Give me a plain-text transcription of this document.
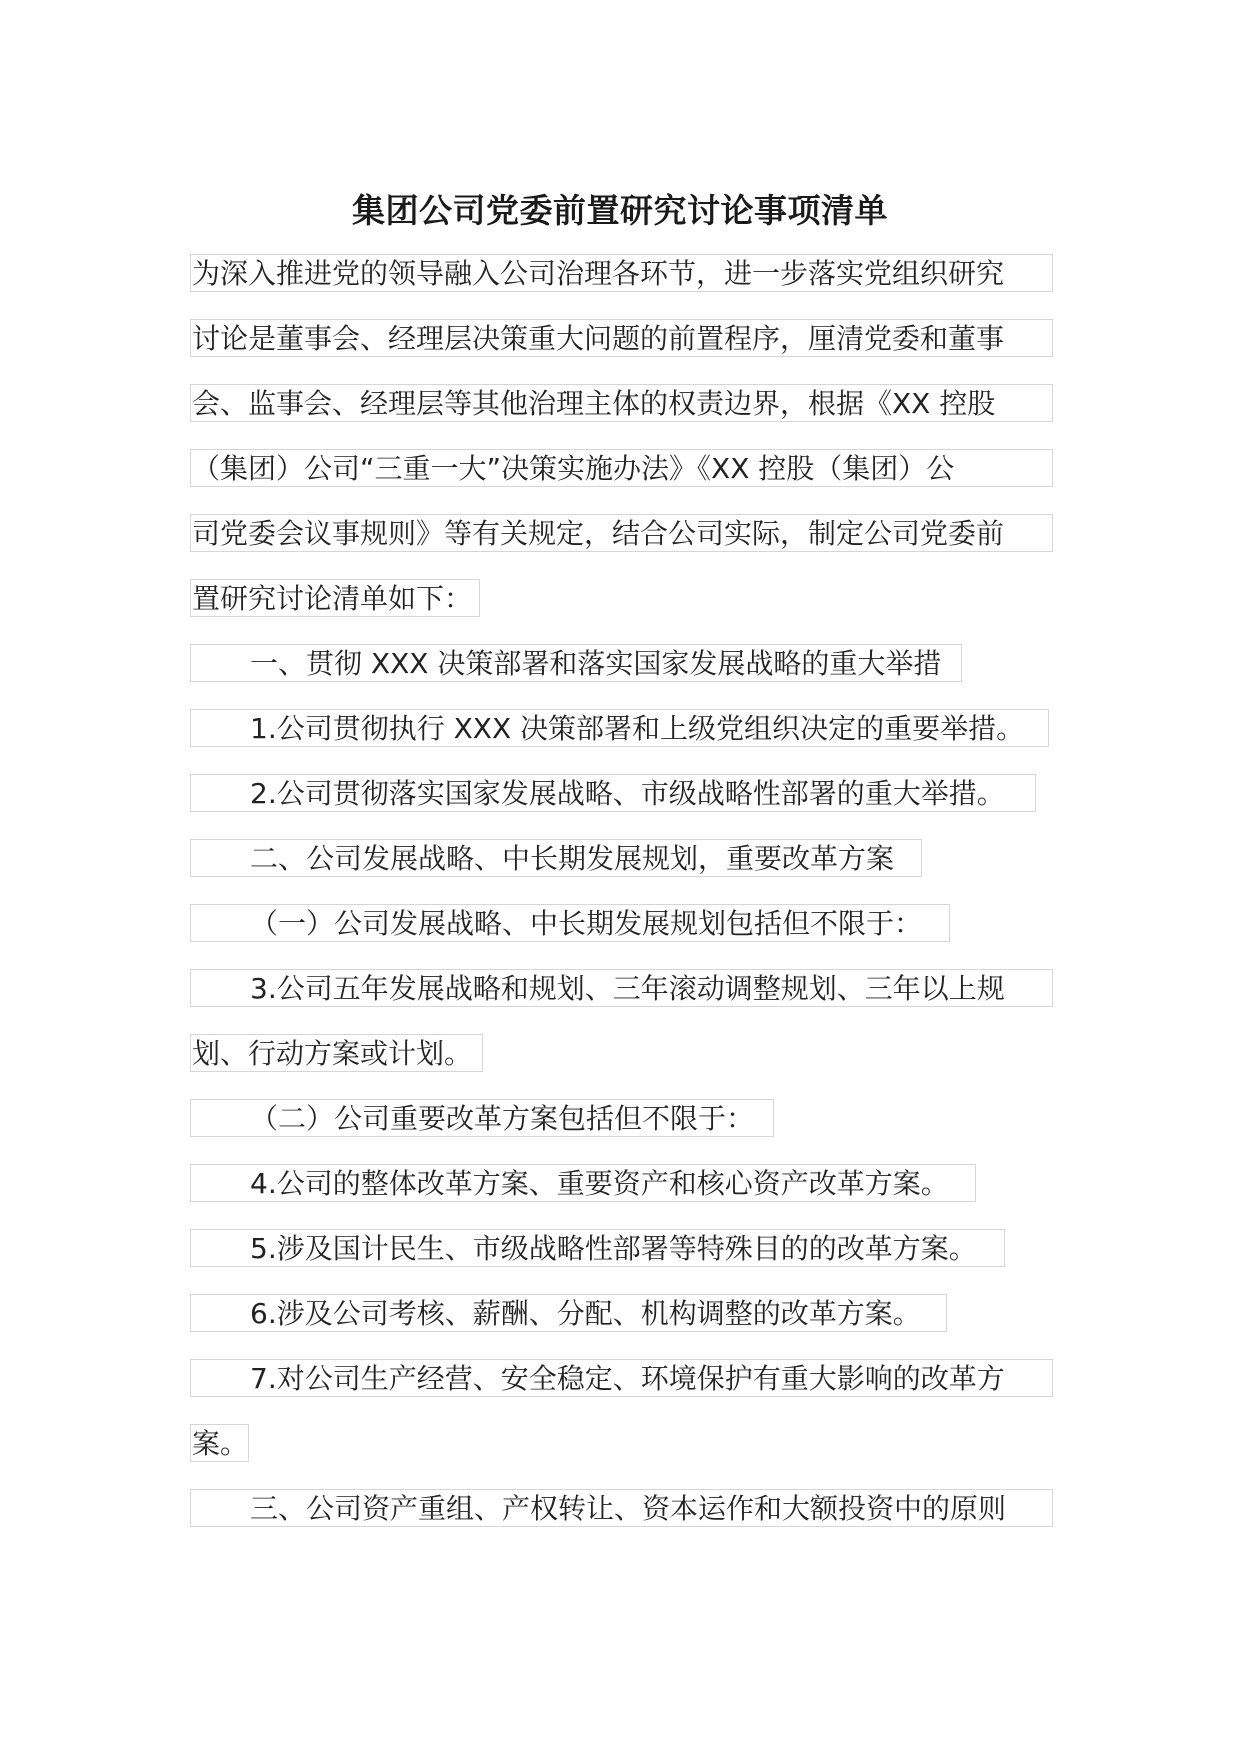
集团公司党委前置研究讨论事项清单
为深入推进党的领导融入公司治理各环节，进一步落实党组织研究
讨论是董事会、经理层决策重大问题的前置程序，厘清党委和董事
会、监事会、经理层等其他治理主体的权责边界，根据《XX 控股
（集团）公司“三重一大”决策实施办法》《XX 控股（集团）公
司党委会议事规则》等有关规定，结合公司实际，制定公司党委前
置研究讨论清单如下：
一、贯彻 XXX 决策部署和落实国家发展战略的重大举措
1.公司贯彻执行 XXX 决策部署和上级党组织决定的重要举措。
2.公司贯彻落实国家发展战略、市级战略性部署的重大举措。
二、公司发展战略、中长期发展规划，重要改革方案
（一）公司发展战略、中长期发展规划包括但不限于：
3.公司五年发展战略和规划、三年滚动调整规划、三年以上规
划、行动方案或计划。
（二）公司重要改革方案包括但不限于：
4.公司的整体改革方案、重要资产和核心资产改革方案。
5.涉及国计民生、市级战略性部署等特殊目的的改革方案。
6.涉及公司考核、薪酬、分配、机构调整的改革方案。
7.对公司生产经营、安全稳定、环境保护有重大影响的改革方
案。
三、公司资产重组、产权转让、资本运作和大额投资中的原则
